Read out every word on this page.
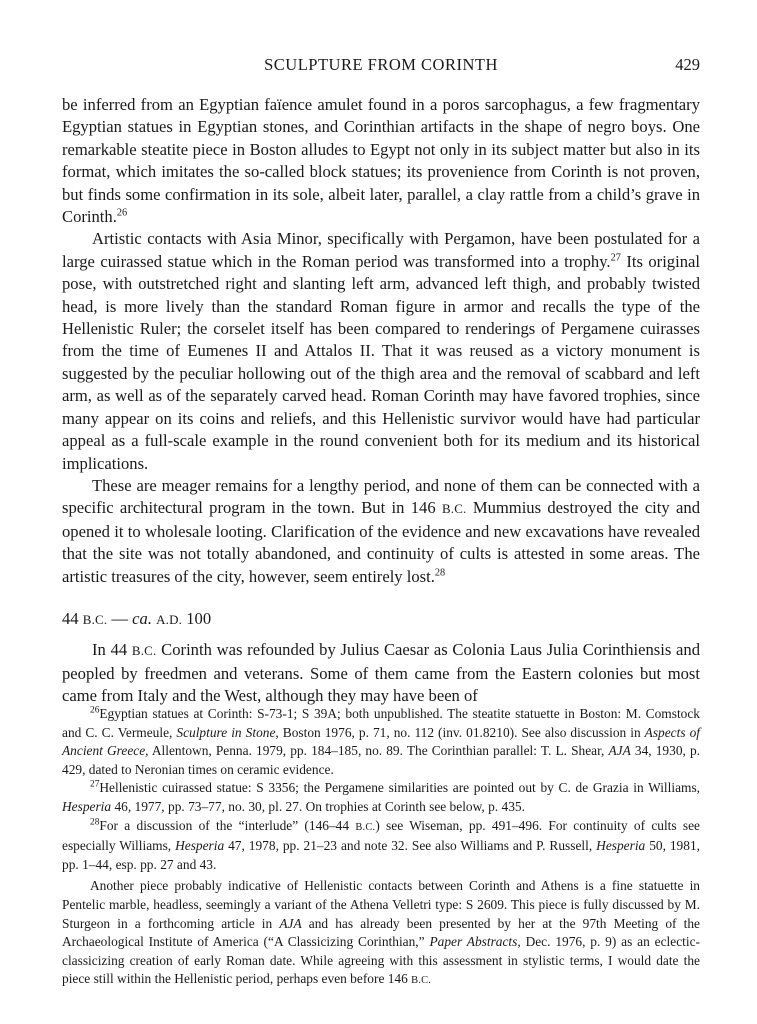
SCULPTURE FROM CORINTH	429

be inferred from an Egyptian faïence amulet found in a poros sarcophagus, a few fragmentary Egyptian statues in Egyptian stones, and Corinthian artifacts in the shape of negro boys. One remarkable steatite piece in Boston alludes to Egypt not only in its subject matter but also in its format, which imitates the so-called block statues; its provenience from Corinth is not proven, but finds some confirmation in its sole, albeit later, parallel, a clay rattle from a child’s grave in Corinth.$^{26}$

Artistic contacts with Asia Minor, specifically with Pergamon, have been postulated for a large cuirassed statue which in the Roman period was transformed into a trophy.$^{27}$ Its original pose, with outstretched right and slanting left arm, advanced left thigh, and probably twisted head, is more lively than the standard Roman figure in armor and recalls the type of the Hellenistic Ruler; the corselet itself has been compared to renderings of Pergamene cuirasses from the time of Eumenes II and Attalos II. That it was reused as a victory monument is suggested by the peculiar hollowing out of the thigh area and the removal of scabbard and left arm, as well as of the separately carved head. Roman Corinth may have favored trophies, since many appear on its coins and reliefs, and this Hellenistic survivor would have had particular appeal as a full-scale example in the round convenient both for its medium and its historical implications.

These are meager remains for a lengthy period, and none of them can be connected with a specific architectural program in the town. But in 146 B.C. Mummius destroyed the city and opened it to wholesale looting. Clarification of the evidence and new excavations have revealed that the site was not totally abandoned, and continuity of cults is attested in some areas. The artistic treasures of the city, however, seem entirely lost.$^{28}$

44 B.C. — ca. A.D. 100

In 44 B.C. Corinth was refounded by Julius Caesar as Colonia Laus Julia Corinthiensis and peopled by freedmen and veterans. Some of them came from the Eastern colonies but most came from Italy and the West, although they may have been of

$^{26}$Egyptian statues at Corinth: S-73-1; S 39A; both unpublished. The steatite statuette in Boston: M. Comstock and C. C. Vermeule, Sculpture in Stone, Boston 1976, p. 71, no. 112 (inv. 01.8210). See also discussion in Aspects of Ancient Greece, Allentown, Penna. 1979, pp. 184–185, no. 89. The Corinthian parallel: T. L. Shear, AJA 34, 1930, p. 429, dated to Neronian times on ceramic evidence.

$^{27}$Hellenistic cuirassed statue: S 3356; the Pergamene similarities are pointed out by C. de Grazia in Williams, Hesperia 46, 1977, pp. 73–77, no. 30, pl. 27. On trophies at Corinth see below, p. 435.

$^{28}$For a discussion of the “interlude” (146–44 B.C.) see Wiseman, pp. 491–496. For continuity of cults see especially Williams, Hesperia 47, 1978, pp. 21–23 and note 32. See also Williams and P. Russell, Hesperia 50, 1981, pp. 1–44, esp. pp. 27 and 43.

Another piece probably indicative of Hellenistic contacts between Corinth and Athens is a fine statuette in Pentelic marble, headless, seemingly a variant of the Athena Velletri type: S 2609. This piece is fully discussed by M. Sturgeon in a forthcoming article in AJA and has already been presented by her at the 97th Meeting of the Archaeological Institute of America (“A Classicizing Corinthian,” Paper Abstracts, Dec. 1976, p. 9) as an eclectic-classicizing creation of early Roman date. While agreeing with this assessment in stylistic terms, I would date the piece still within the Hellenistic period, perhaps even before 146 B.C.
